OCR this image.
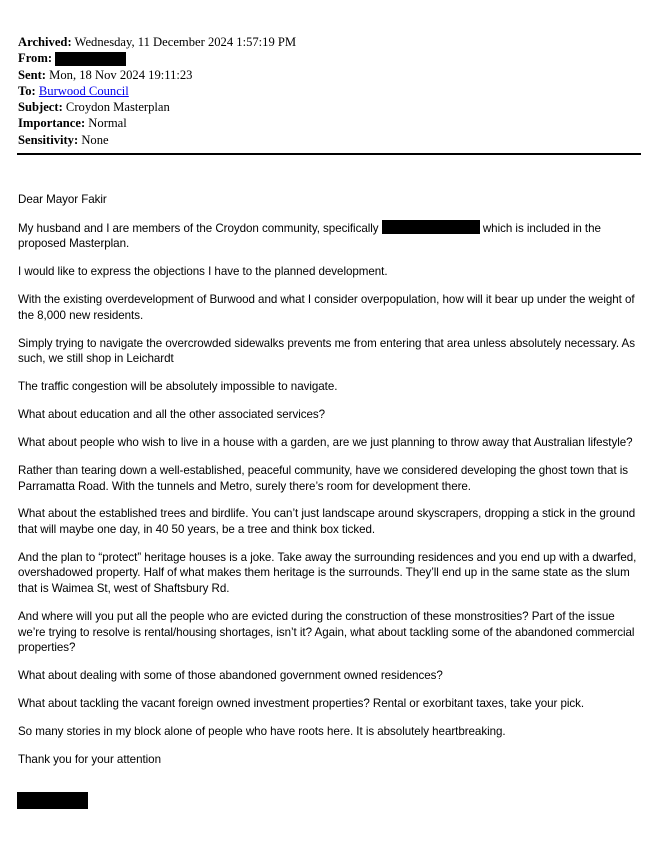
Archived: Wednesday, 11 December 2024 1:57:19 PM
From:
Sent: Mon, 18 Nov 2024 19:11:23
To: Burwood Council
Subject: Croydon Masterplan
Importance: Normal
Sensitivity: None

Dear Mayor Fakir

My husband and I are members of the Croydon community, specifically	which is included in the proposed Masterplan.

I would like to express the objections I have to the planned development.

With the existing overdevelopment of Burwood and what I consider overpopulation, how will it bear up under the weight of the 8,000 new residents.

Simply trying to navigate the overcrowded sidewalks prevents me from entering that area unless absolutely necessary. As such, we still shop in Leichardt

The traffic congestion will be absolutely impossible to navigate.

What about education and all the other associated services?

What about people who wish to live in a house with a garden, are we just planning to throw away that Australian lifestyle?

Rather than tearing down a well-established, peaceful community, have we considered developing the ghost town that is Parramatta Road. With the tunnels and Metro, surely there’s room for development there.

What about the established trees and birdlife. You can’t just landscape around skyscrapers, dropping a stick in the ground that will maybe one day, in 40 50 years, be a tree and think box ticked.

And the plan to “protect” heritage houses is a joke. Take away the surrounding residences and you end up with a dwarfed, overshadowed property. Half of what makes them heritage is the surrounds. They’ll end up in the same state as the slum that is Waimea St, west of Shaftsbury Rd.

And where will you put all the people who are evicted during the construction of these monstrosities? Part of the issue we’re trying to resolve is rental/housing shortages, isn’t it? Again, what about tackling some of the abandoned commercial properties?

What about dealing with some of those abandoned government owned residences?

What about tackling the vacant foreign owned investment properties? Rental or exorbitant taxes, take your pick.

So many stories in my block alone of people who have roots here. It is absolutely heartbreaking.

Thank you for your attention
